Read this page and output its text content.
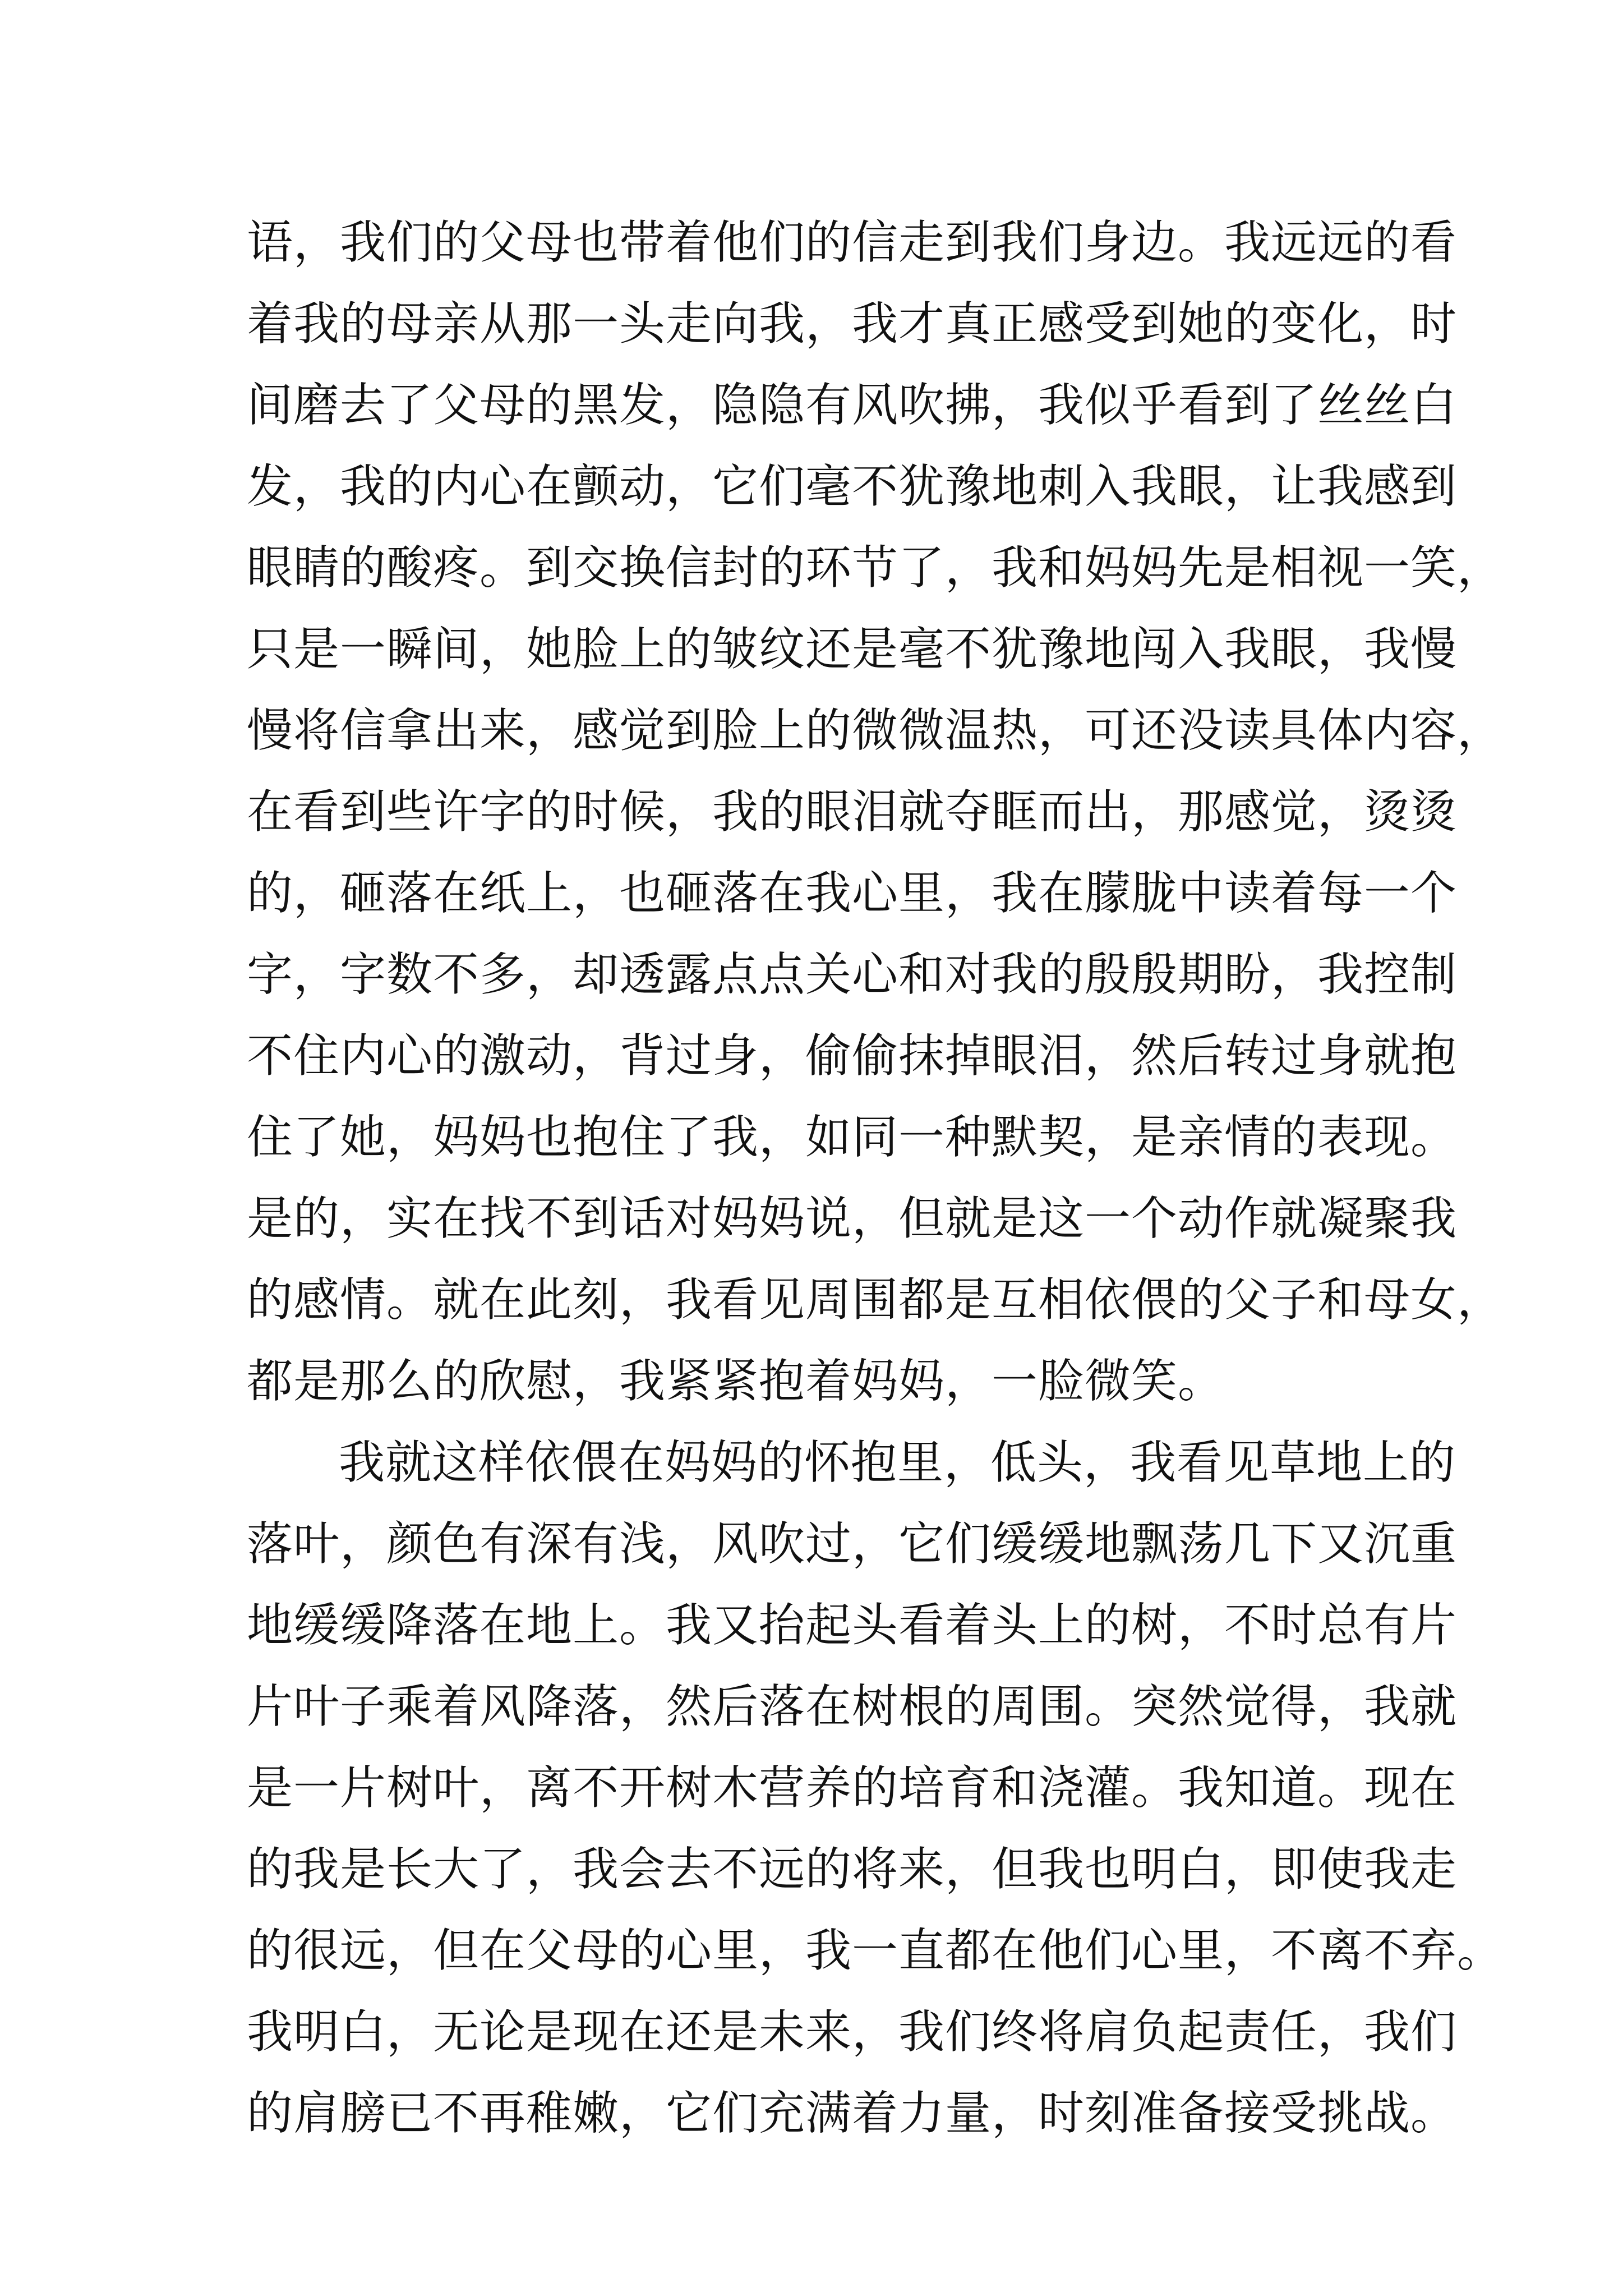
语，我们的父母也带着他们的信走到我们身边。我远远的看
着我的母亲从那一头走向我，我才真正感受到她的变化，时
间磨去了父母的黑发，隐隐有风吹拂，我似乎看到了丝丝白
发，我的内心在颤动，它们毫不犹豫地刺入我眼，让我感到
眼睛的酸疼。到交换信封的环节了，我和妈妈先是相视一笑，
只是一瞬间，她脸上的皱纹还是毫不犹豫地闯入我眼，我慢
慢将信拿出来，感觉到脸上的微微温热，可还没读具体内容，
在看到些许字的时候，我的眼泪就夺眶而出，那感觉，烫烫
的，砸落在纸上，也砸落在我心里，我在朦胧中读着每一个
字，字数不多，却透露点点关心和对我的殷殷期盼，我控制
不住内心的激动，背过身，偷偷抹掉眼泪，然后转过身就抱
住了她，妈妈也抱住了我，如同一种默契，是亲情的表现。
是的，实在找不到话对妈妈说，但就是这一个动作就凝聚我
的感情。就在此刻，我看见周围都是互相依偎的父子和母女，
都是那么的欣慰，我紧紧抱着妈妈，一脸微笑。
我就这样依偎在妈妈的怀抱里，低头，我看见草地上的
落叶，颜色有深有浅，风吹过，它们缓缓地飘荡几下又沉重
地缓缓降落在地上。我又抬起头看着头上的树，不时总有片
片叶子乘着风降落，然后落在树根的周围。突然觉得，我就
是一片树叶，离不开树木营养的培育和浇灌。我知道。现在
的我是长大了，我会去不远的将来，但我也明白，即使我走
的很远，但在父母的心里，我一直都在他们心里，不离不弃。
我明白，无论是现在还是未来，我们终将肩负起责任，我们
的肩膀已不再稚嫩，它们充满着力量，时刻准备接受挑战。
